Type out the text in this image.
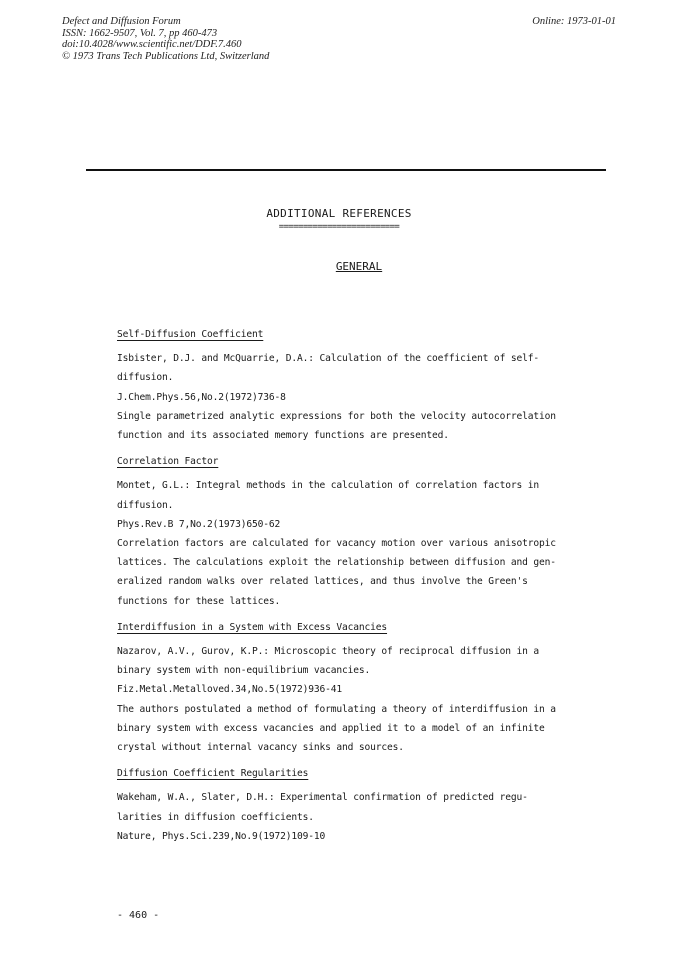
Defect and Diffusion Forum
ISSN: 1662-9507, Vol. 7, pp 460-473
doi:10.4028/www.scientific.net/DDF.7.460
© 1973 Trans Tech Publications Ltd, Switzerland
Online: 1973-01-01
ADDITIONAL REFERENCES
=========================
GENERAL
Self-Diffusion Coefficient
Isbister, D.J. and McQuarrie, D.A.: Calculation of the coefficient of self-
diffusion.
J.Chem.Phys.56,No.2(1972)736-8
Single parametrized analytic expressions for both the velocity autocorrelation
function and its associated memory functions are presented.
Correlation Factor
Montet, G.L.: Integral methods in the calculation of correlation factors in
diffusion.
Phys.Rev.B 7,No.2(1973)650-62
Correlation factors are calculated for vacancy motion over various anisotropic
lattices. The calculations exploit the relationship between diffusion and gen-
eralized random walks over related lattices, and thus involve the Green's
functions for these lattices.
Interdiffusion in a System with Excess Vacancies
Nazarov, A.V., Gurov, K.P.: Microscopic theory of reciprocal diffusion in a
binary system with non-equilibrium vacancies.
Fiz.Metal.Metalloved.34,No.5(1972)936-41
The authors postulated a method of formulating a theory of interdiffusion in a
binary system with excess vacancies and applied it to a model of an infinite
crystal without internal vacancy sinks and sources.
Diffusion Coefficient Regularities
Wakeham, W.A., Slater, D.H.: Experimental confirmation of predicted regu-
larities in diffusion coefficients.
Nature, Phys.Sci.239,No.9(1972)109-10
- 460 -
